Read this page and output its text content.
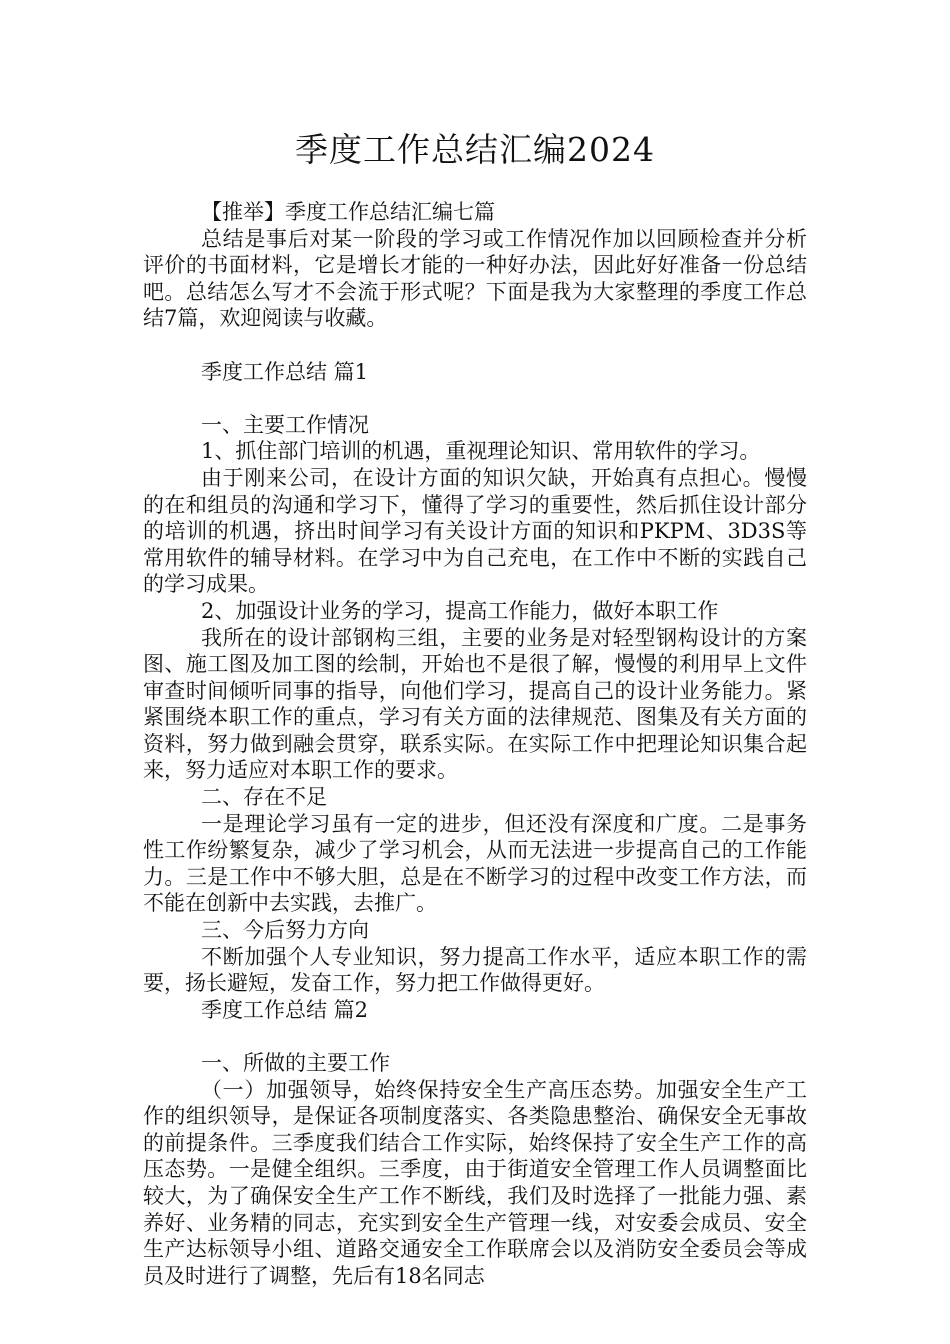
季度工作总结汇编2024

【推举】季度工作总结汇编七篇

总结是事后对某一阶段的学习或工作情况作加以回顾检查并分析评价的书面材料，它是增长才能的一种好办法，因此好好准备一份总结吧。总结怎么写才不会流于形式呢？下面是我为大家整理的季度工作总结7篇，欢迎阅读与收藏。

季度工作总结 篇1

一、主要工作情况

1、抓住部门培训的机遇，重视理论知识、常用软件的学习。

由于刚来公司，在设计方面的知识欠缺，开始真有点担心。慢慢的在和组员的沟通和学习下，懂得了学习的重要性，然后抓住设计部分的培训的机遇，挤出时间学习有关设计方面的知识和PKPM、3D3S等常用软件的辅导材料。在学习中为自己充电，在工作中不断的实践自己的学习成果。

2、加强设计业务的学习，提高工作能力，做好本职工作

我所在的设计部钢构三组，主要的业务是对轻型钢构设计的方案图、施工图及加工图的绘制，开始也不是很了解，慢慢的利用早上文件审查时间倾听同事的指导，向他们学习，提高自己的设计业务能力。紧紧围绕本职工作的重点，学习有关方面的法律规范、图集及有关方面的资料，努力做到融会贯穿，联系实际。在实际工作中把理论知识集合起来，努力适应对本职工作的要求。

二、存在不足

一是理论学习虽有一定的进步，但还没有深度和广度。二是事务性工作纷繁复杂，减少了学习机会，从而无法进一步提高自己的工作能力。三是工作中不够大胆，总是在不断学习的过程中改变工作方法，而不能在创新中去实践，去推广。

三、今后努力方向

不断加强个人专业知识，努力提高工作水平，适应本职工作的需要，扬长避短，发奋工作，努力把工作做得更好。

季度工作总结 篇2

一、所做的主要工作

（一）加强领导，始终保持安全生产高压态势。加强安全生产工作的组织领导，是保证各项制度落实、各类隐患整治、确保安全无事故的前提条件。三季度我们结合工作实际，始终保持了安全生产工作的高压态势。一是健全组织。三季度，由于街道安全管理工作人员调整面比较大，为了确保安全生产工作不断线，我们及时选择了一批能力强、素养好、业务精的同志，充实到安全生产管理一线，对安委会成员、安全生产达标领导小组、道路交通安全工作联席会以及消防安全委员会等成员及时进行了调整，先后有18名同志
